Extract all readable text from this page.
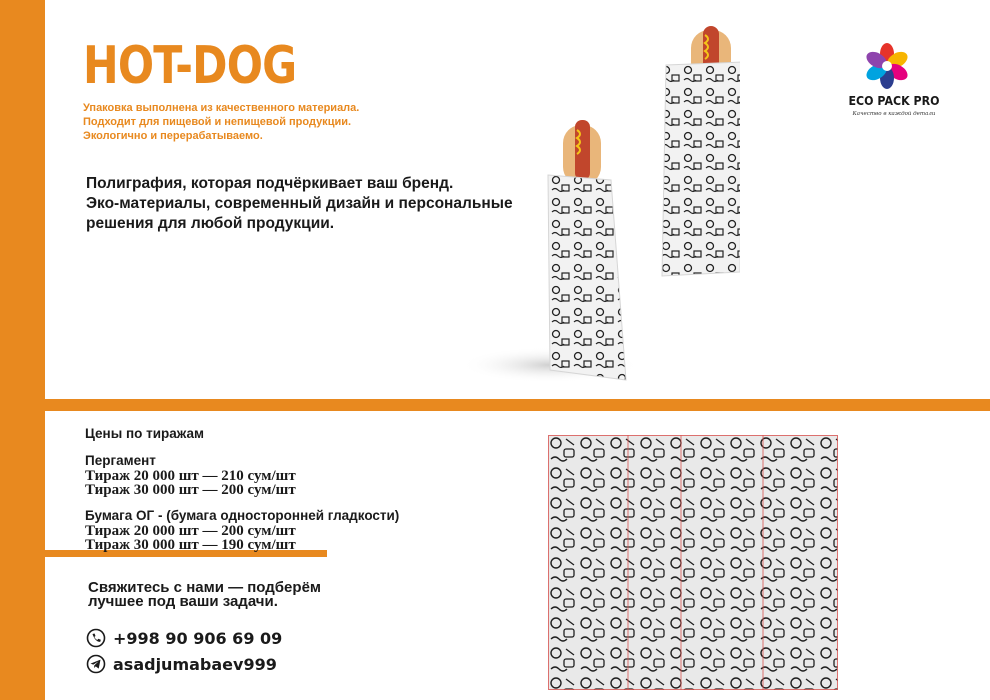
HOT-DOG
Упаковка выполнена из качественного материала.
Подходит для пищевой и непищевой продукции.
Экологично и перерабатываемо.
Полиграфия, которая подчёркивает ваш бренд.
Эко-материалы, современный дизайн и персональные
решения для любой продукции.
ECO PACK PRO
Качество в каждой детали
Цены по тиражам
Пергамент
Тираж 20 000 шт — 210 сум/шт
Тираж 30 000 шт — 200 сум/шт
Бумага ОГ - (бумага односторонней гладкости)
Тираж 20 000 шт — 200 сум/шт
Тираж 30 000 шт — 190 сум/шт
Свяжитесь с нами — подберём
лучшее под ваши задачи.
+998 90 906 69 09
asadjumabaev999
